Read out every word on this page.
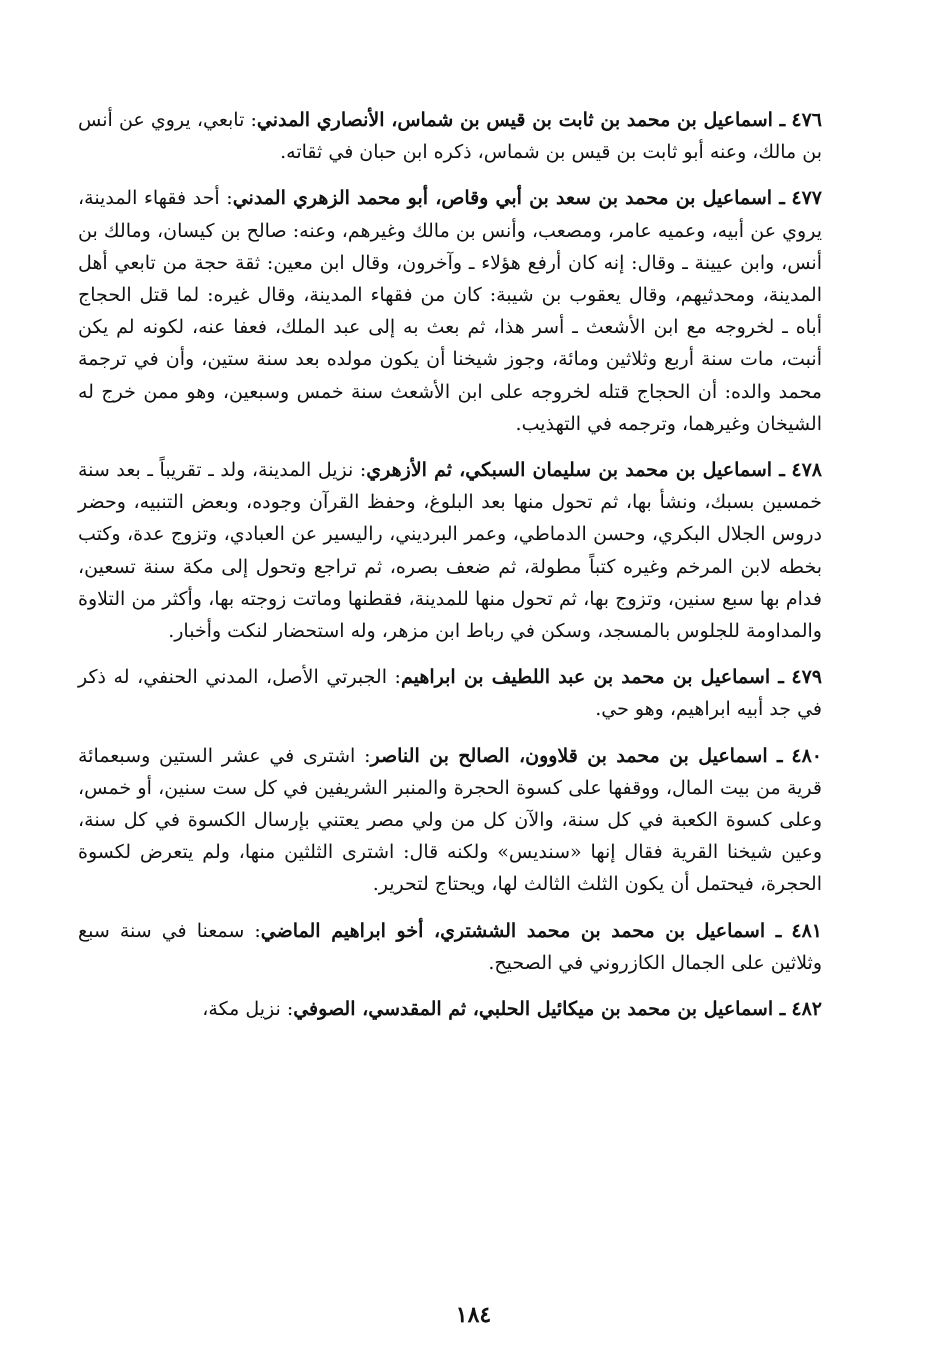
٤٧٦ ـ اسماعيل بن محمد بن ثابت بن قيس بن شماس، الأنصاري المدني: تابعي، يروي عن أنس بن مالك، وعنه أبو ثابت بن قيس بن شماس، ذكره ابن حبان في ثقاته.

٤٧٧ ـ اسماعيل بن محمد بن سعد بن أبي وقاص، أبو محمد الزهري المدني: أحد فقهاء المدينة، يروي عن أبيه، وعميه عامر، ومصعب، وأنس بن مالك وغيرهم، وعنه: صالح بن كيسان، ومالك بن أنس، وابن عيينة ـ وقال: إنه كان أرفع هؤلاء ـ وآخرون، وقال ابن معين: ثقة حجة من تابعي أهل المدينة، ومحدثيهم، وقال يعقوب بن شيبة: كان من فقهاء المدينة، وقال غيره: لما قتل الحجاج أباه ـ لخروجه مع ابن الأشعث ـ أسر هذا، ثم بعث به إلى عبد الملك، فعفا عنه، لكونه لم يكن أنبت، مات سنة أربع وثلاثين ومائة، وجوز شيخنا أن يكون مولده بعد سنة ستين، وأن في ترجمة محمد والده: أن الحجاج قتله لخروجه على ابن الأشعث سنة خمس وسبعين، وهو ممن خرج له الشيخان وغيرهما، وترجمه في التهذيب.

٤٧٨ ـ اسماعيل بن محمد بن سليمان السبكي، ثم الأزهري: نزيل المدينة، ولد ـ تقريباً ـ بعد سنة خمسين بسبك، ونشأ بها، ثم تحول منها بعد البلوغ، وحفظ القرآن وجوده، وبعض التنبيه، وحضر دروس الجلال البكري، وحسن الدماطي، وعمر البرديني، راليسير عن العبادي، وتزوج عدة، وكتب بخطه لابن المرخم وغيره كتباً مطولة، ثم ضعف بصره، ثم تراجع وتحول إلى مكة سنة تسعين، فدام بها سبع سنين، وتزوج بها، ثم تحول منها للمدينة، فقطنها وماتت زوجته بها، وأكثر من التلاوة والمداومة للجلوس بالمسجد، وسكن في رباط ابن مزهر، وله استحضار لنكت وأخبار.

٤٧٩ ـ اسماعيل بن محمد بن عبد اللطيف بن ابراهيم: الجبرتي الأصل، المدني الحنفي، له ذكر في جد أبيه ابراهيم، وهو حي.

٤٨٠ ـ اسماعيل بن محمد بن قلاوون، الصالح بن الناصر: اشترى في عشر الستين وسبعمائة قرية من بيت المال، ووقفها على كسوة الحجرة والمنبر الشريفين في كل ست سنين، أو خمس، وعلى كسوة الكعبة في كل سنة، والآن كل من ولي مصر يعتني بإرسال الكسوة في كل سنة، وعين شيخنا القرية فقال إنها «سنديس» ولكنه قال: اشترى الثلثين منها، ولم يتعرض لكسوة الحجرة، فيحتمل أن يكون الثلث الثالث لها، ويحتاج لتحرير.

٤٨١ ـ اسماعيل بن محمد بن محمد الششتري، أخو ابراهيم الماضي: سمعنا في سنة سبع وثلاثين على الجمال الكازروني في الصحيح.

٤٨٢ ـ اسماعيل بن محمد بن ميكائيل الحلبي، ثم المقدسي، الصوفي: نزيل مكة،

١٨٤
